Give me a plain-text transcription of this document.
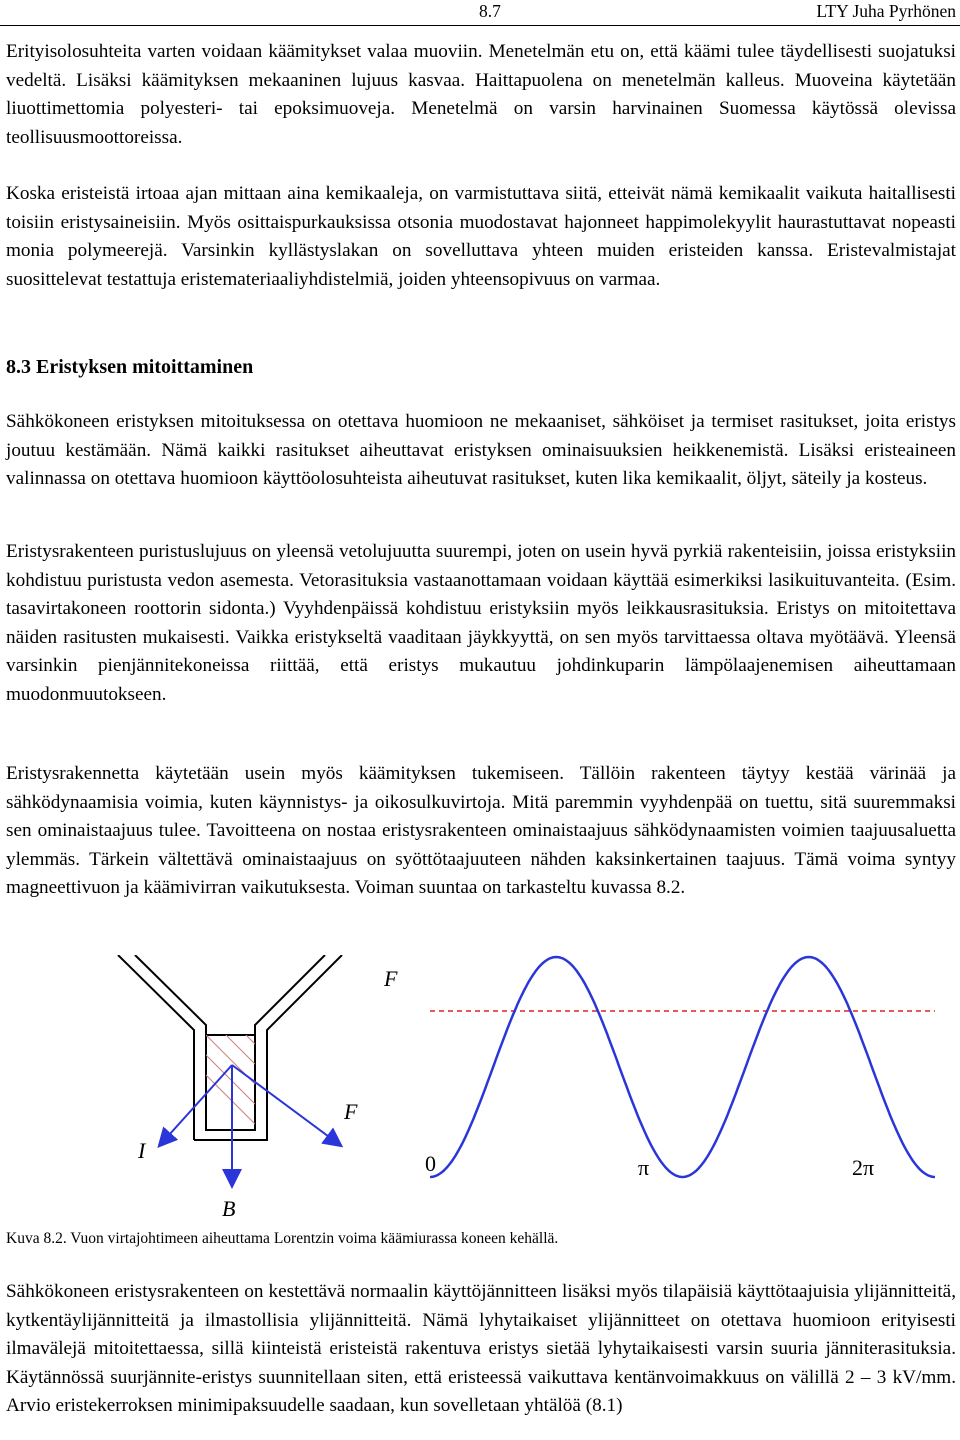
8.7	LTY Juha Pyrhönen

Erityisolosuhteita varten voidaan käämitykset valaa muoviin. Menetelmän etu on, että käämi tulee täydellisesti suojatuksi vedeltä. Lisäksi käämityksen mekaaninen lujuus kasvaa. Haittapuolena on menetelmän kalleus. Muoveina käytetään liuottimettomia polyesteri- tai epoksimuoveja. Menetelmä on varsin harvinainen Suomessa käytössä olevissa teollisuusmoottoreissa.

Koska eristeistä irtoaa ajan mittaan aina kemikaaleja, on varmistuttava siitä, etteivät nämä kemikaalit vaikuta haitallisesti toisiin eristysaineisiin. Myös osittaispurkauksissa otsonia muodostavat hajonneet happimolekyylit haurastuttavat nopeasti monia polymeerejä. Varsinkin kyllästyslakan on sovelluttava yhteen muiden eristeiden kanssa. Eristevalmistajat suosittelevat testattuja eristemateriaaliyhdistelmiä, joiden yhteensopivuus on varmaa.

8.3 Eristyksen mitoittaminen

Sähkökoneen eristyksen mitoituksessa on otettava huomioon ne mekaaniset, sähköiset ja termiset rasitukset, joita eristys joutuu kestämään. Nämä kaikki rasitukset aiheuttavat eristyksen ominaisuuksien heikkenemistä. Lisäksi eristeaineen valinnassa on otettava huomioon käyttöolosuhteista aiheutuvat rasitukset, kuten lika kemikaalit, öljyt, säteily ja kosteus.

Eristysrakenteen puristuslujuus on yleensä vetolujuutta suurempi, joten on usein hyvä pyrkiä rakenteisiin, joissa eristyksiin kohdistuu puristusta vedon asemesta. Vetorasituksia vastaanottamaan voidaan käyttää esimerkiksi lasikuituvanteita. (Esim. tasavirtakoneen roottorin sidonta.) Vyyhdenpäissä kohdistuu eristyksiin myös leikkausrasituksia. Eristys on mitoitettava näiden rasitusten mukaisesti. Vaikka eristykseltä vaaditaan jäykkyyttä, on sen myös tarvittaessa oltava myötäävä. Yleensä varsinkin pienjännitekoneissa riittää, että eristys mukautuu johdinkuparin lämpölaajenemisen aiheuttamaan muodonmuutokseen.

Eristysrakennetta käytetään usein myös käämityksen tukemiseen. Tällöin rakenteen täytyy kestää värinää ja sähködynaamisia voimia, kuten käynnistys- ja oikosulkuvirtoja. Mitä paremmin vyyhdenpää on tuettu, sitä suuremmaksi sen ominaistaajuus tulee. Tavoitteena on nostaa eristysrakenteen ominaistaajuus sähködynaamisten voimien taajuusaluetta ylemmäs. Tärkein vältettävä ominaistaajuus on syöttötaajuuteen nähden kaksinkertainen taajuus. Tämä voima syntyy magneettivuon ja käämivirran vaikutuksesta. Voiman suuntaa on tarkasteltu kuvassa 8.2.

I
B
F
F
0	π	2π
Kuva 8.2. Vuon virtajohtimeen aiheuttama Lorentzin voima käämiurassa koneen kehällä.

Sähkökoneen eristysrakenteen on kestettävä normaalin käyttöjännitteen lisäksi myös tilapäisiä käyttötaajuisia ylijännitteitä, kytkentäylijännitteitä ja ilmastollisia ylijännitteitä. Nämä lyhytaikaiset ylijännitteet on otettava huomioon erityisesti ilmavälejä mitoitettaessa, sillä kiinteistä eristeistä rakentuva eristys sietää lyhytaikaisesti varsin suuria jänniterasituksia. Käytännössä suurjännite-eristys suunnitellaan siten, että eristeessä vaikuttava kentänvoimakkuus on välillä 2 – 3 kV/mm. Arvio eristekerroksen minimipaksuudelle saadaan, kun sovelletaan yhtälöä (8.1)
